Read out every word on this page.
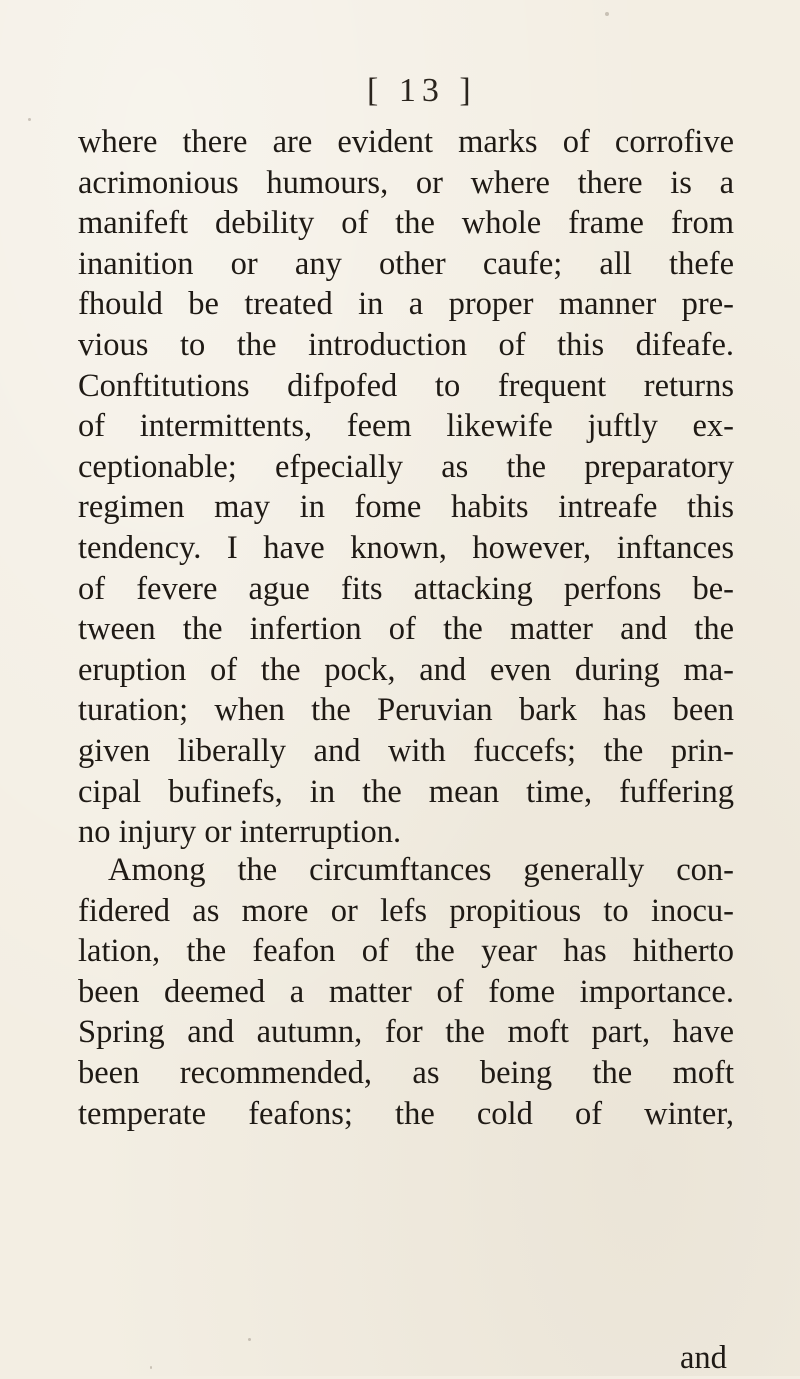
[ 13 ]
where there are evident marks of corrofive
acrimonious humours, or where there is a
manifeft debility of the whole frame from
inanition or any other caufe; all thefe
fhould be treated in a proper manner pre-
vious to the introduction of this difeafe.
Conftitutions difpofed to frequent returns
of intermittents, feem likewife juftly ex-
ceptionable; efpecially as the preparatory
regimen may in fome habits intreafe this
tendency. I have known, however, inftances
of fevere ague fits attacking perfons be-
tween the infertion of the matter and the
eruption of the pock, and even during ma-
turation; when the Peruvian bark has been
given liberally and with fuccefs; the prin-
cipal bufinefs, in the mean time, fuffering
no injury or interruption.
Among the circumftances generally con-
fidered as more or lefs propitious to inocu-
lation, the feafon of the year has hitherto
been deemed a matter of fome importance.
Spring and autumn, for the moft part, have
been recommended, as being the moft
temperate feafons; the cold of winter,
and
